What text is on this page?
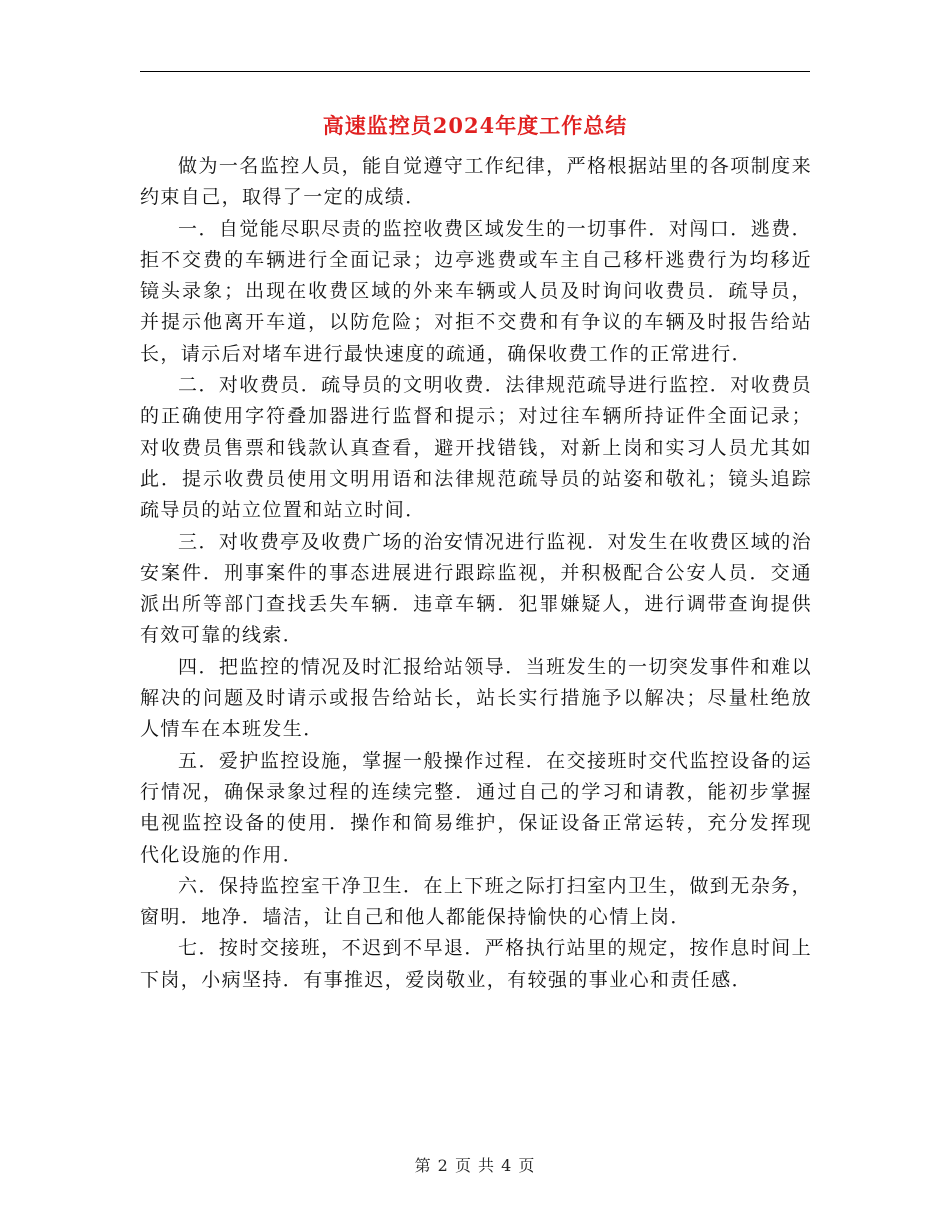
高速监控员2024年度工作总结

做为一名监控人员，能自觉遵守工作纪律，严格根据站里的各项制度来约束自己，取得了一定的成绩．

一．自觉能尽职尽责的监控收费区域发生的一切事件．对闯口．逃费．拒不交费的车辆进行全面记录；边亭逃费或车主自己移杆逃费行为均移近镜头录象；出现在收费区域的外来车辆或人员及时询问收费员．疏导员，并提示他离开车道，以防危险；对拒不交费和有争议的车辆及时报告给站长，请示后对堵车进行最快速度的疏通，确保收费工作的正常进行．

二．对收费员．疏导员的文明收费．法律规范疏导进行监控．对收费员的正确使用字符叠加器进行监督和提示；对过往车辆所持证件全面记录；对收费员售票和钱款认真查看，避开找错钱，对新上岗和实习人员尤其如此．提示收费员使用文明用语和法律规范疏导员的站姿和敬礼；镜头追踪疏导员的站立位置和站立时间．

三．对收费亭及收费广场的治安情况进行监视．对发生在收费区域的治安案件．刑事案件的事态进展进行跟踪监视，并积极配合公安人员．交通派出所等部门查找丢失车辆．违章车辆．犯罪嫌疑人，进行调带查询提供有效可靠的线索．

四．把监控的情况及时汇报给站领导．当班发生的一切突发事件和难以解决的问题及时请示或报告给站长，站长实行措施予以解决；尽量杜绝放人情车在本班发生．

五．爱护监控设施，掌握一般操作过程．在交接班时交代监控设备的运行情况，确保录象过程的连续完整．通过自己的学习和请教，能初步掌握电视监控设备的使用．操作和简易维护，保证设备正常运转，充分发挥现代化设施的作用．

六．保持监控室干净卫生．在上下班之际打扫室内卫生，做到无杂务，窗明．地净．墙洁，让自己和他人都能保持愉快的心情上岗．

七．按时交接班，不迟到不早退．严格执行站里的规定，按作息时间上下岗，小病坚持．有事推迟，爱岗敬业，有较强的事业心和责任感．

第 2 页 共 4 页
